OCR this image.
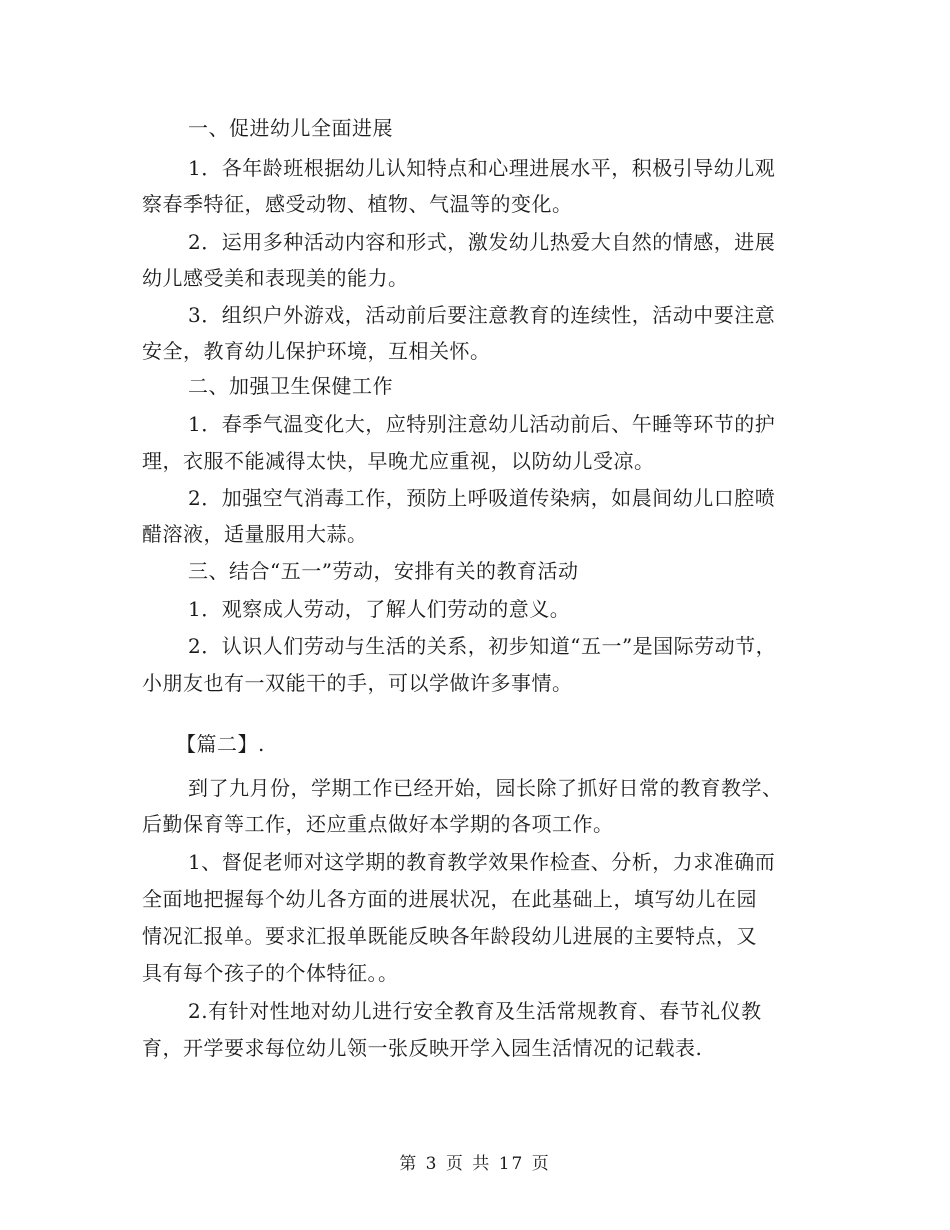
一、促进幼儿全面进展
1．各年龄班根据幼儿认知特点和心理进展水平，积极引导幼儿观
察春季特征，感受动物、植物、气温等的变化。
2．运用多种活动内容和形式，激发幼儿热爱大自然的情感，进展
幼儿感受美和表现美的能力。
3．组织户外游戏，活动前后要注意教育的连续性，活动中要注意
安全，教育幼儿保护环境，互相关怀。
二、加强卫生保健工作
1．春季气温变化大，应特别注意幼儿活动前后、午睡等环节的护
理，衣服不能减得太快，早晚尤应重视，以防幼儿受凉。
2．加强空气消毒工作，预防上呼吸道传染病，如晨间幼儿口腔喷
醋溶液，适量服用大蒜。
三、结合“五一”劳动，安排有关的教育活动
1．观察成人劳动，了解人们劳动的意义。
2．认识人们劳动与生活的关系，初步知道“五一”是国际劳动节，
小朋友也有一双能干的手，可以学做许多事情。
【篇二】.
到了九月份，学期工作已经开始，园长除了抓好日常的教育教学、
后勤保育等工作，还应重点做好本学期的各项工作。
1、督促老师对这学期的教育教学效果作检查、分析，力求准确而
全面地把握每个幼儿各方面的进展状况，在此基础上，填写幼儿在园
情况汇报单。要求汇报单既能反映各年龄段幼儿进展的主要特点，又
具有每个孩子的个体特征。。
2.有针对性地对幼儿进行安全教育及生活常规教育、春节礼仪教
育，开学要求每位幼儿领一张反映开学入园生活情况的记载表.
第 3 页 共 17 页
